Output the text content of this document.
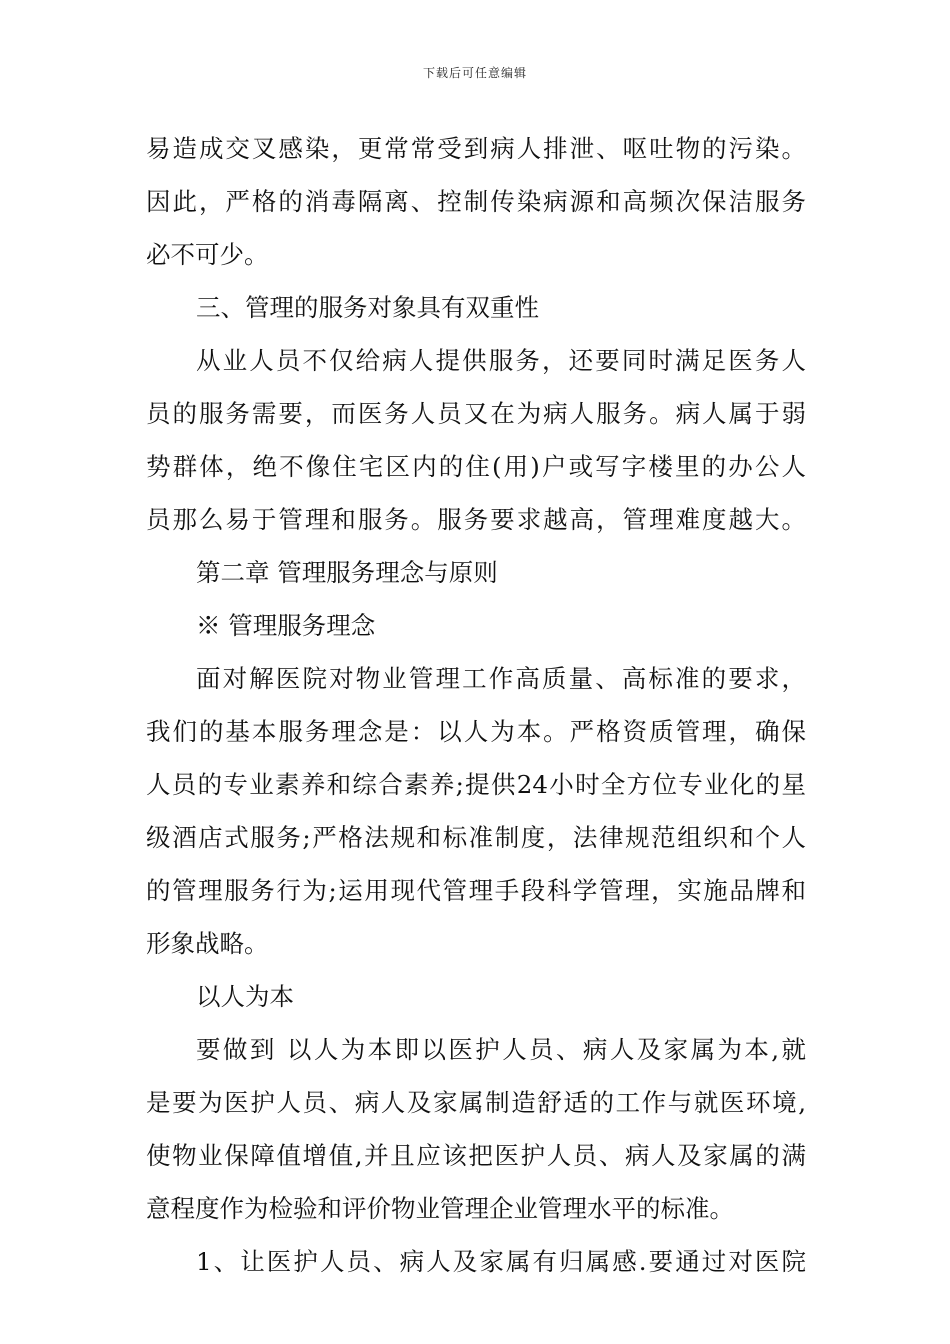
下载后可任意编辑
易造成交叉感染，更常常受到病人排泄、呕吐物的污染。
因此，严格的消毒隔离、控制传染病源和高频次保洁服务
必不可少。
三、管理的服务对象具有双重性
从业人员不仅给病人提供服务，还要同时满足医务人
员的服务需要，而医务人员又在为病人服务。病人属于弱
势群体，绝不像住宅区内的住(用)户或写字楼里的办公人
员那么易于管理和服务。服务要求越高，管理难度越大。
第二章 管理服务理念与原则
※ 管理服务理念
面对解医院对物业管理工作高质量、高标准的要求，
我们的基本服务理念是：以人为本。严格资质管理，确保
人员的专业素养和综合素养;提供24小时全方位专业化的星
级酒店式服务;严格法规和标准制度，法律规范组织和个人
的管理服务行为;运用现代管理手段科学管理，实施品牌和
形象战略。
以人为本
要做到 以人为本即以医护人员、病人及家属为本,就
是要为医护人员、病人及家属制造舒适的工作与就医环境,
使物业保障值增值,并且应该把医护人员、病人及家属的满
意程度作为检验和评价物业管理企业管理水平的标准。
1、让医护人员、病人及家属有归属感.要通过对医院
